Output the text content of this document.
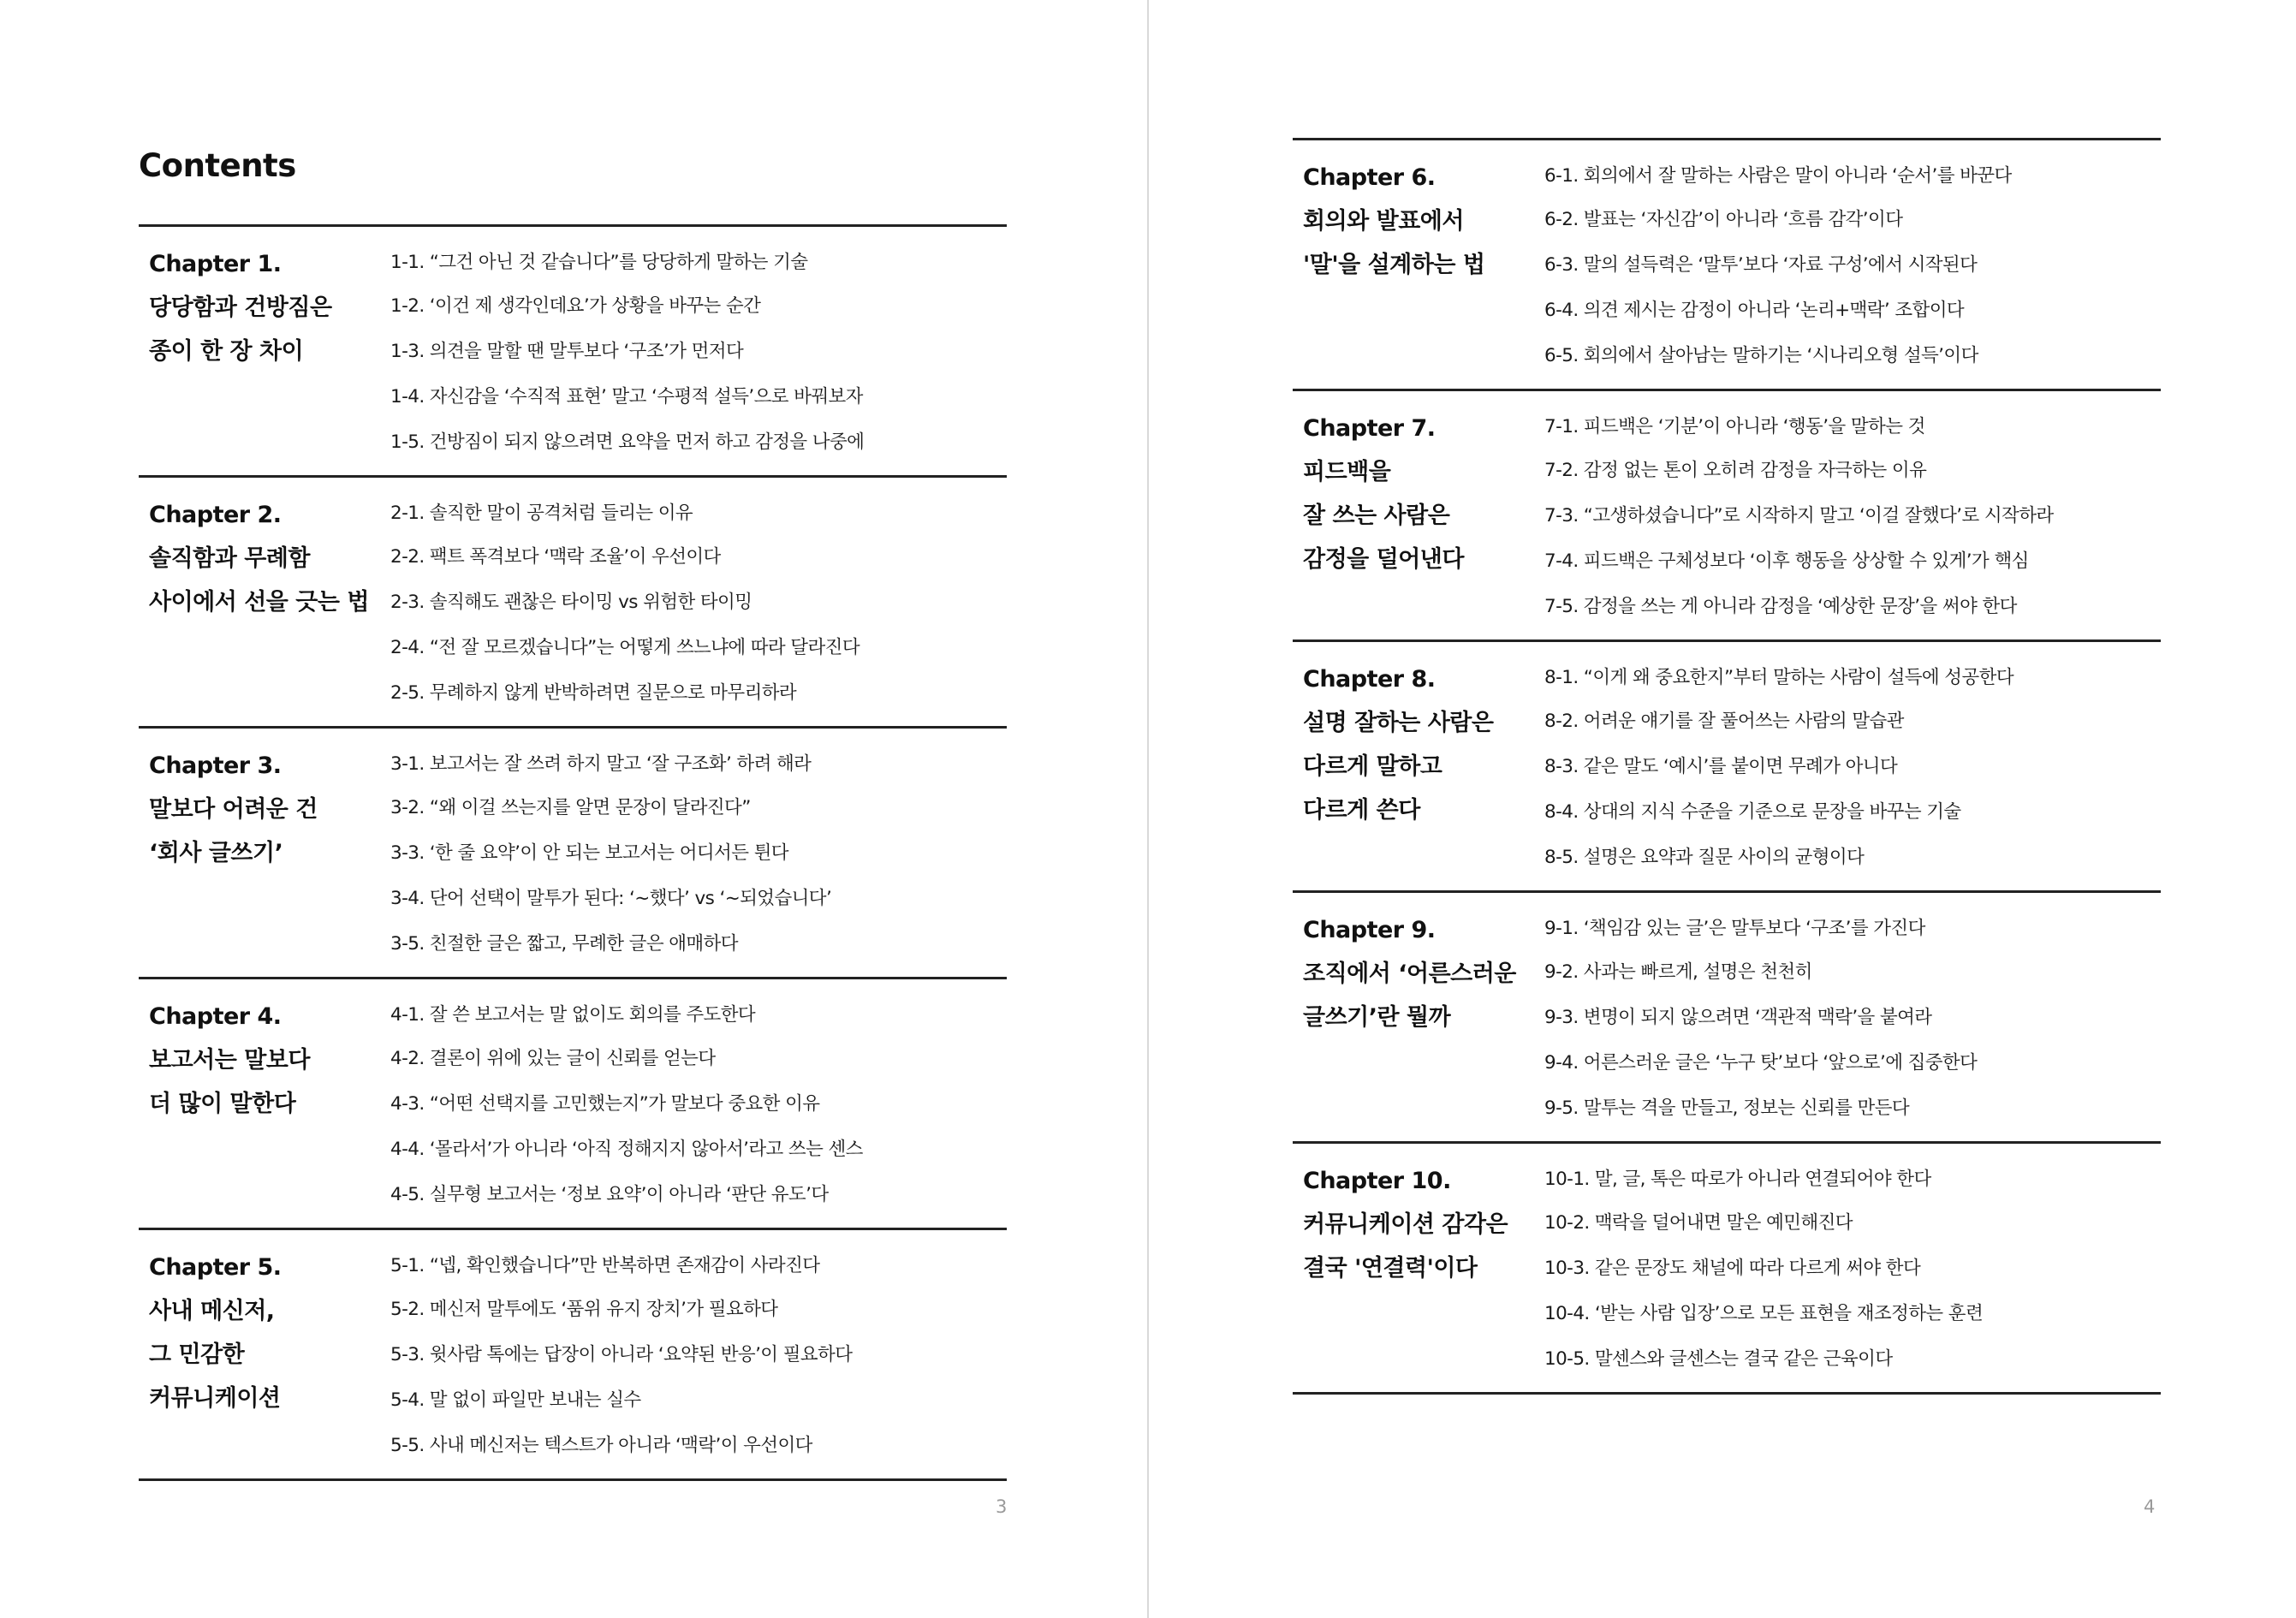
Contents
Chapter 1.
당당함과 건방짐은
종이 한 장 차이
1-1. “그건 아닌 것 같습니다”를 당당하게 말하는 기술
1-2. ‘이건 제 생각인데요’가 상황을 바꾸는 순간
1-3. 의견을 말할 땐 말투보다 ‘구조’가 먼저다
1-4. 자신감을 ‘수직적 표현’ 말고 ‘수평적 설득’으로 바꿔보자
1-5. 건방짐이 되지 않으려면 요약을 먼저 하고 감정을 나중에
Chapter 2.
솔직함과 무례함
사이에서 선을 긋는 법
2-1. 솔직한 말이 공격처럼 들리는 이유
2-2. 팩트 폭격보다 ‘맥락 조율’이 우선이다
2-3. 솔직해도 괜찮은 타이밍 vs 위험한 타이밍
2-4. “전 잘 모르겠습니다”는 어떻게 쓰느냐에 따라 달라진다
2-5. 무례하지 않게 반박하려면 질문으로 마무리하라
Chapter 3.
말보다 어려운 건
‘회사 글쓰기’
3-1. 보고서는 잘 쓰려 하지 말고 ‘잘 구조화’ 하려 해라
3-2. “왜 이걸 쓰는지를 알면 문장이 달라진다”
3-3. ‘한 줄 요약’이 안 되는 보고서는 어디서든 튄다
3-4. 단어 선택이 말투가 된다: ‘~했다’ vs ‘~되었습니다’
3-5. 친절한 글은 짧고, 무례한 글은 애매하다
Chapter 4.
보고서는 말보다
더 많이 말한다
4-1. 잘 쓴 보고서는 말 없이도 회의를 주도한다
4-2. 결론이 위에 있는 글이 신뢰를 얻는다
4-3. “어떤 선택지를 고민했는지”가 말보다 중요한 이유
4-4. ‘몰라서’가 아니라 ‘아직 정해지지 않아서’라고 쓰는 센스
4-5. 실무형 보고서는 ‘정보 요약’이 아니라 ‘판단 유도’다
Chapter 5.
사내 메신저,
그 민감한
커뮤니케이션
5-1. “넵, 확인했습니다”만 반복하면 존재감이 사라진다
5-2. 메신저 말투에도 ‘품위 유지 장치’가 필요하다
5-3. 윗사람 톡에는 답장이 아니라 ‘요약된 반응’이 필요하다
5-4. 말 없이 파일만 보내는 실수
5-5. 사내 메신저는 텍스트가 아니라 ‘맥락’이 우선이다
3
Chapter 6.
회의와 발표에서
'말'을 설계하는 법
6-1. 회의에서 잘 말하는 사람은 말이 아니라 ‘순서’를 바꾼다
6-2. 발표는 ‘자신감’이 아니라 ‘흐름 감각’이다
6-3. 말의 설득력은 ‘말투’보다 ‘자료 구성’에서 시작된다
6-4. 의견 제시는 감정이 아니라 ‘논리+맥락’ 조합이다
6-5. 회의에서 살아남는 말하기는 ‘시나리오형 설득’이다
Chapter 7.
피드백을
잘 쓰는 사람은
감정을 덜어낸다
7-1. 피드백은 ‘기분’이 아니라 ‘행동’을 말하는 것
7-2. 감정 없는 톤이 오히려 감정을 자극하는 이유
7-3. “고생하셨습니다”로 시작하지 말고 ‘이걸 잘했다’로 시작하라
7-4. 피드백은 구체성보다 ‘이후 행동을 상상할 수 있게’가 핵심
7-5. 감정을 쓰는 게 아니라 감정을 ‘예상한 문장’을 써야 한다
Chapter 8.
설명 잘하는 사람은
다르게 말하고
다르게 쓴다
8-1. “이게 왜 중요한지”부터 말하는 사람이 설득에 성공한다
8-2. 어려운 얘기를 잘 풀어쓰는 사람의 말습관
8-3. 같은 말도 ‘예시’를 붙이면 무례가 아니다
8-4. 상대의 지식 수준을 기준으로 문장을 바꾸는 기술
8-5. 설명은 요약과 질문 사이의 균형이다
Chapter 9.
조직에서 ‘어른스러운
글쓰기’란 뭘까
9-1. ‘책임감 있는 글’은 말투보다 ‘구조’를 가진다
9-2. 사과는 빠르게, 설명은 천천히
9-3. 변명이 되지 않으려면 ‘객관적 맥락’을 붙여라
9-4. 어른스러운 글은 ‘누구 탓’보다 ‘앞으로’에 집중한다
9-5. 말투는 격을 만들고, 정보는 신뢰를 만든다
Chapter 10.
커뮤니케이션 감각은
결국 '연결력'이다
10-1. 말, 글, 톡은 따로가 아니라 연결되어야 한다
10-2. 맥락을 덜어내면 말은 예민해진다
10-3. 같은 문장도 채널에 따라 다르게 써야 한다
10-4. ‘받는 사람 입장’으로 모든 표현을 재조정하는 훈련
10-5. 말센스와 글센스는 결국 같은 근육이다
4
